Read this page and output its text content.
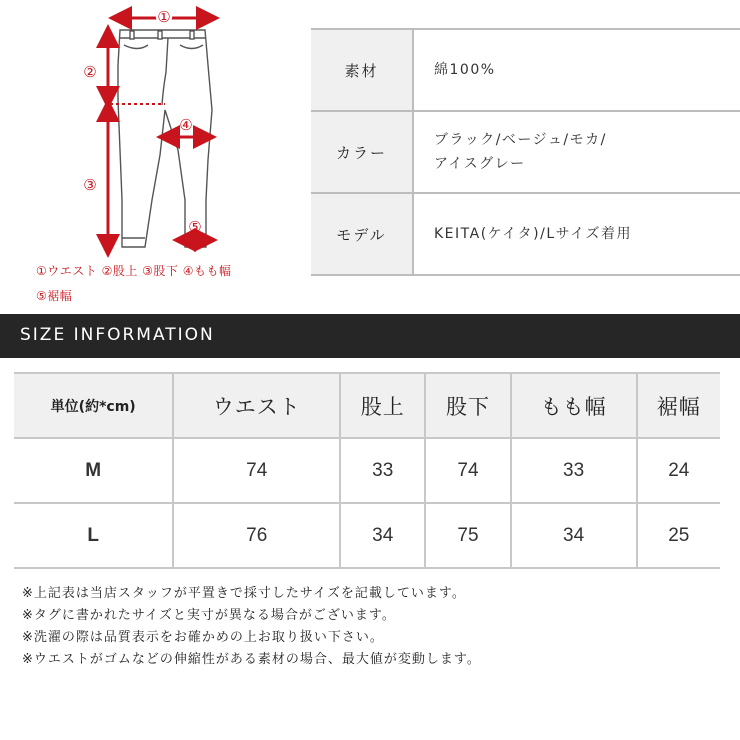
①
②
③
④
⑤
①ウエスト ②股上 ③股下 ④もも幅
⑤裾幅
素材	綿100%

カラー	ブラック/ベージュ/モカ/
アイスグレー

モデル	KEITA(ケイタ)/Lサイズ着用
SIZE INFORMATION
単位(約*cm)	ウエスト	股上	股下	もも幅	裾幅
M	74	33	74	33	24
L	76	34	75	34	25
※上記表は当店スタッフが平置きで採寸したサイズを記載しています。
※タグに書かれたサイズと実寸が異なる場合がございます。
※洗濯の際は品質表示をお確かめの上お取り扱い下さい。
※ウエストがゴムなどの伸縮性がある素材の場合、最大値が変動します。
